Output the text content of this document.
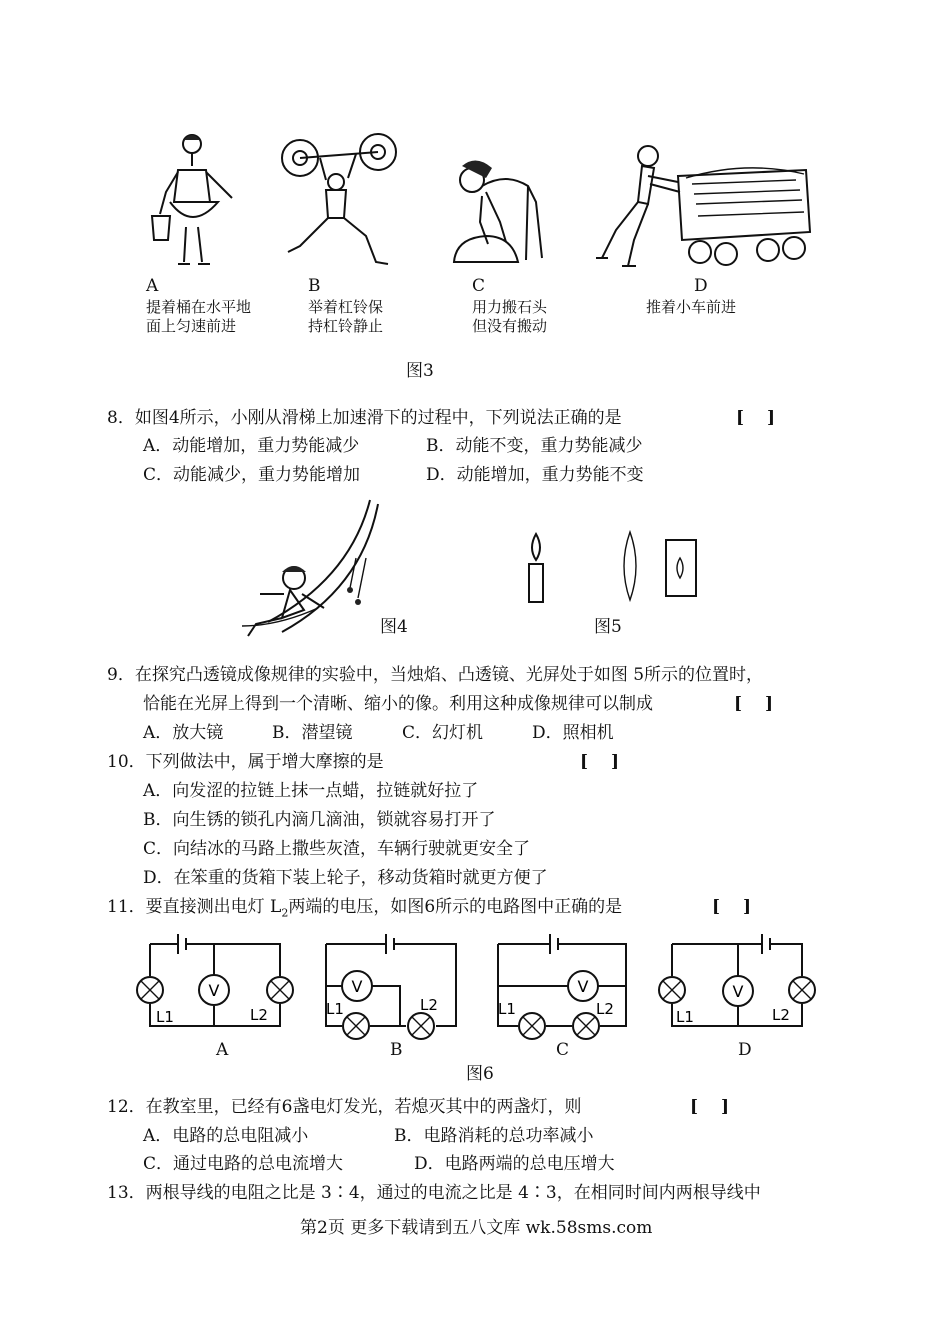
A
提着桶在水平地
面上匀速前进
B
举着杠铃保
持杠铃静止
C
用力搬石头
但没有搬动
D
推着小车前进
图3
8．如图4所示，小刚从滑梯上加速滑下的过程中，下列说法正确的是	[　 ]
A．动能增加，重力势能减少	B．动能不变，重力势能减少
C．动能减少，重力势能增加	D．动能增加，重力势能不变
图4	图5
9．在探究凸透镜成像规律的实验中，当烛焰、凸透镜、光屏处于如图 5所示的位置时，
恰能在光屏上得到一个清晰、缩小的像。利用这种成像规律可以制成	[　 ]
A．放大镜	B．潜望镜	C．幻灯机	D．照相机
10．下列做法中，属于增大摩擦的是	[　 ]
A．向发涩的拉链上抹一点蜡，拉链就好拉了
B．向生锈的锁孔内滴几滴油，锁就容易打开了
C．向结冰的马路上撒些灰渣，车辆行驶就更安全了
D．在笨重的货箱下装上轮子，移动货箱时就更方便了
11．要直接测出电灯 $L_2$两端的电压，如图6所示的电路图中正确的是	[　 ]
V
L1	L2
A
V
L1	L2
B
V
L1	L2
C
V
L1	L2
D
图6
12．在教室里，已经有6盏电灯发光，若熄灭其中的两盏灯，则	[　 ]
A．电路的总电阻减小	B．电路消耗的总功率减小
C．通过电路的总电流增大	D．电路两端的总电压增大
13．两根导线的电阻之比是 3∶4，通过的电流之比是 4∶3，在相同时间内两根导线中
第2页 更多下载请到五八文库 wk.58sms.com
